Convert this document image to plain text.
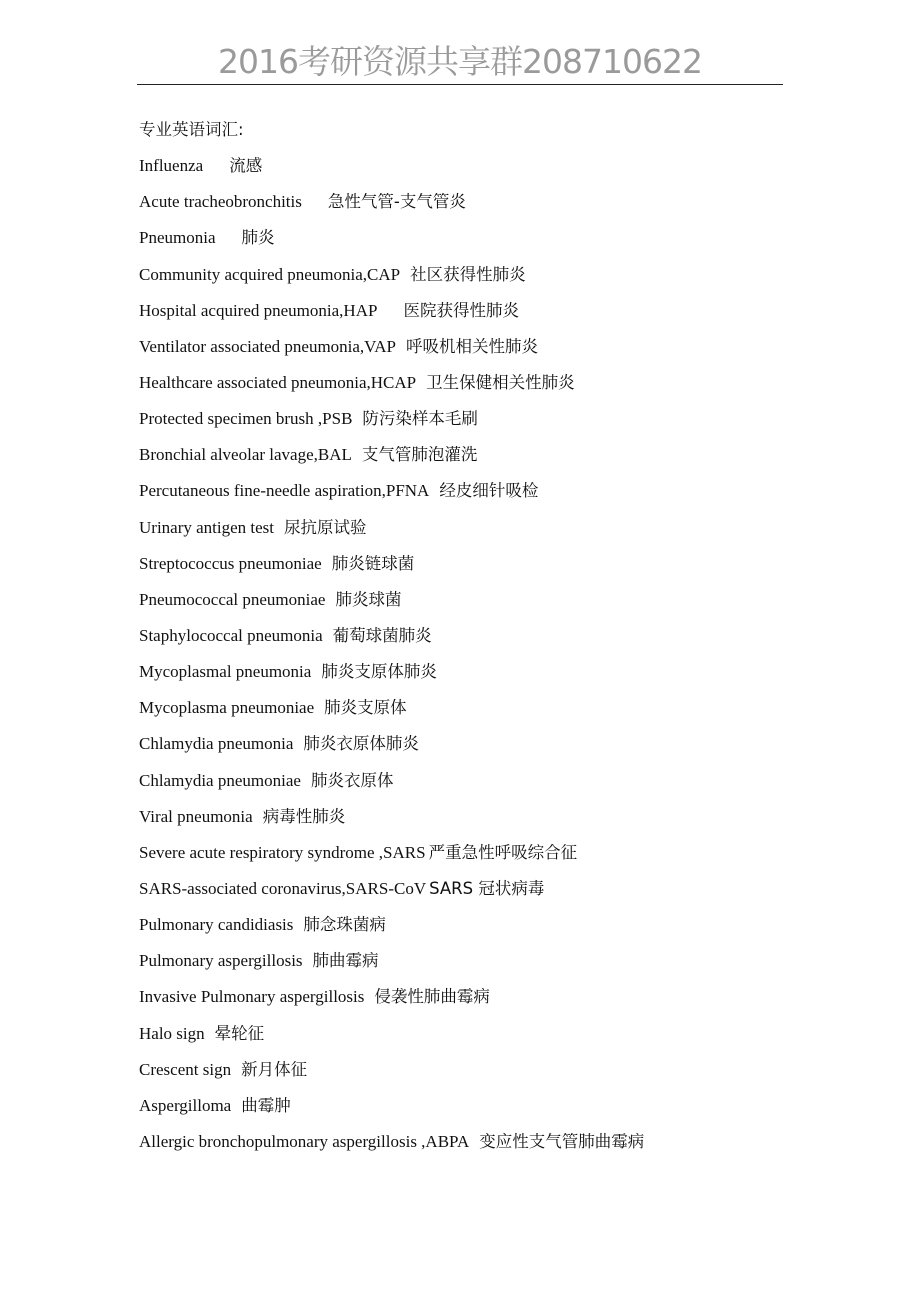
2016考研资源共享群208710622
专业英语词汇:
Influenza 流感
Acute tracheobronchitis 急性气管-支气管炎
Pneumonia 肺炎
Community acquired pneumonia,CAP 社区获得性肺炎
Hospital acquired pneumonia,HAP 医院获得性肺炎
Ventilator associated pneumonia,VAP 呼吸机相关性肺炎
Healthcare associated pneumonia,HCAP 卫生保健相关性肺炎
Protected specimen brush ,PSB 防污染样本毛刷
Bronchial alveolar lavage,BAL 支气管肺泡灌洗
Percutaneous fine-needle aspiration,PFNA 经皮细针吸检
Urinary antigen test 尿抗原试验
Streptococcus pneumoniae 肺炎链球菌
Pneumococcal pneumoniae 肺炎球菌
Staphylococcal pneumonia 葡萄球菌肺炎
Mycoplasmal pneumonia 肺炎支原体肺炎
Mycoplasma pneumoniae 肺炎支原体
Chlamydia pneumonia 肺炎衣原体肺炎
Chlamydia pneumoniae 肺炎衣原体
Viral pneumonia 病毒性肺炎
Severe acute respiratory syndrome ,SARS 严重急性呼吸综合征
SARS-associated coronavirus,SARS-CoV SARS 冠状病毒
Pulmonary candidiasis 肺念珠菌病
Pulmonary aspergillosis 肺曲霉病
Invasive Pulmonary aspergillosis 侵袭性肺曲霉病
Halo sign 晕轮征
Crescent sign 新月体征
Aspergilloma 曲霉肿
Allergic bronchopulmonary aspergillosis ,ABPA 变应性支气管肺曲霉病
